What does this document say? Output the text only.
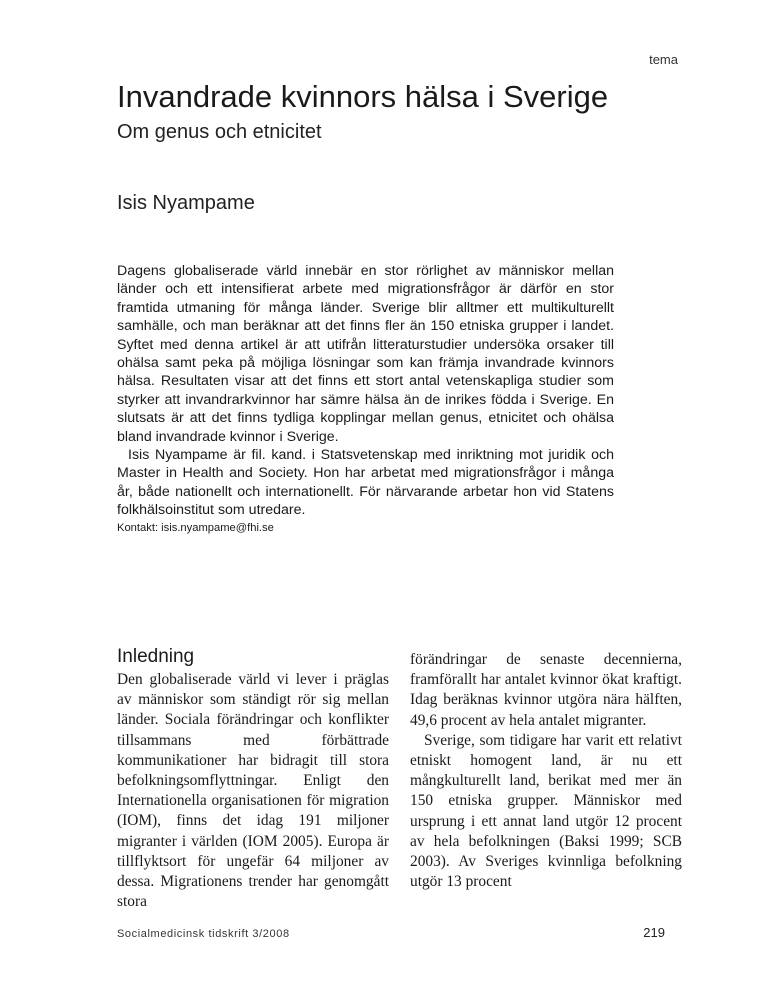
tema
Invandrade kvinnors hälsa i Sverige
Om genus och etnicitet
Isis Nyampame

Dagens globaliserade värld innebär en stor rörlighet av människor mellan länder och ett intensifierat arbete med migrationsfrågor är därför en stor framtida utmaning för många länder. Sverige blir alltmer ett multikulturellt samhälle, och man beräknar att det finns fler än 150 etniska grupper i landet. Syftet med denna artikel är att utifrån litteraturstudier undersöka orsaker till ohälsa samt peka på möjliga lösningar som kan främja invandrade kvinnors hälsa. Resultaten visar att det finns ett stort antal vetenskapliga studier som styrker att invandrarkvinnor har sämre hälsa än de inrikes födda i Sverige. En slutsats är att det finns tydliga kopplingar mellan genus, etnicitet och ohälsa bland invandrade kvinnor i Sverige.

Isis Nyampame är fil. kand. i Statsvetenskap med inriktning mot juridik och Master in Health and Society. Hon har arbetat med migrationsfrågor i många år, både nationellt och internationellt. För närvarande arbetar hon vid Statens folkhälsoinstitut som utredare.

Kontakt: isis.nyampame@fhi.se

Inledning

Den globaliserade värld vi lever i präglas av människor som ständigt rör sig mellan länder. Sociala förändringar och konflikter tillsammans med förbättrade kommunikationer har bidragit till stora befolkningsomflyttningar. Enligt den Internationella organisationen för migration (IOM), finns det idag 191 miljoner migranter i världen (IOM 2005). Europa är tillflyktsort för ungefär 64 miljoner av dessa. Migrationens trender har genomgått stora

förändringar de senaste decennierna, framförallt har antalet kvinnor ökat kraftigt. Idag beräknas kvinnor utgöra nära hälften, 49,6 procent av hela antalet migranter.

Sverige, som tidigare har varit ett relativt etniskt homogent land, är nu ett mångkulturellt land, berikat med mer än 150 etniska grupper. Människor med ursprung i ett annat land utgör 12 procent av hela befolkningen (Baksi 1999; SCB 2003). Av Sveriges kvinnliga befolkning utgör 13 procent

Socialmedicinsk tidskrift 3/2008	219
